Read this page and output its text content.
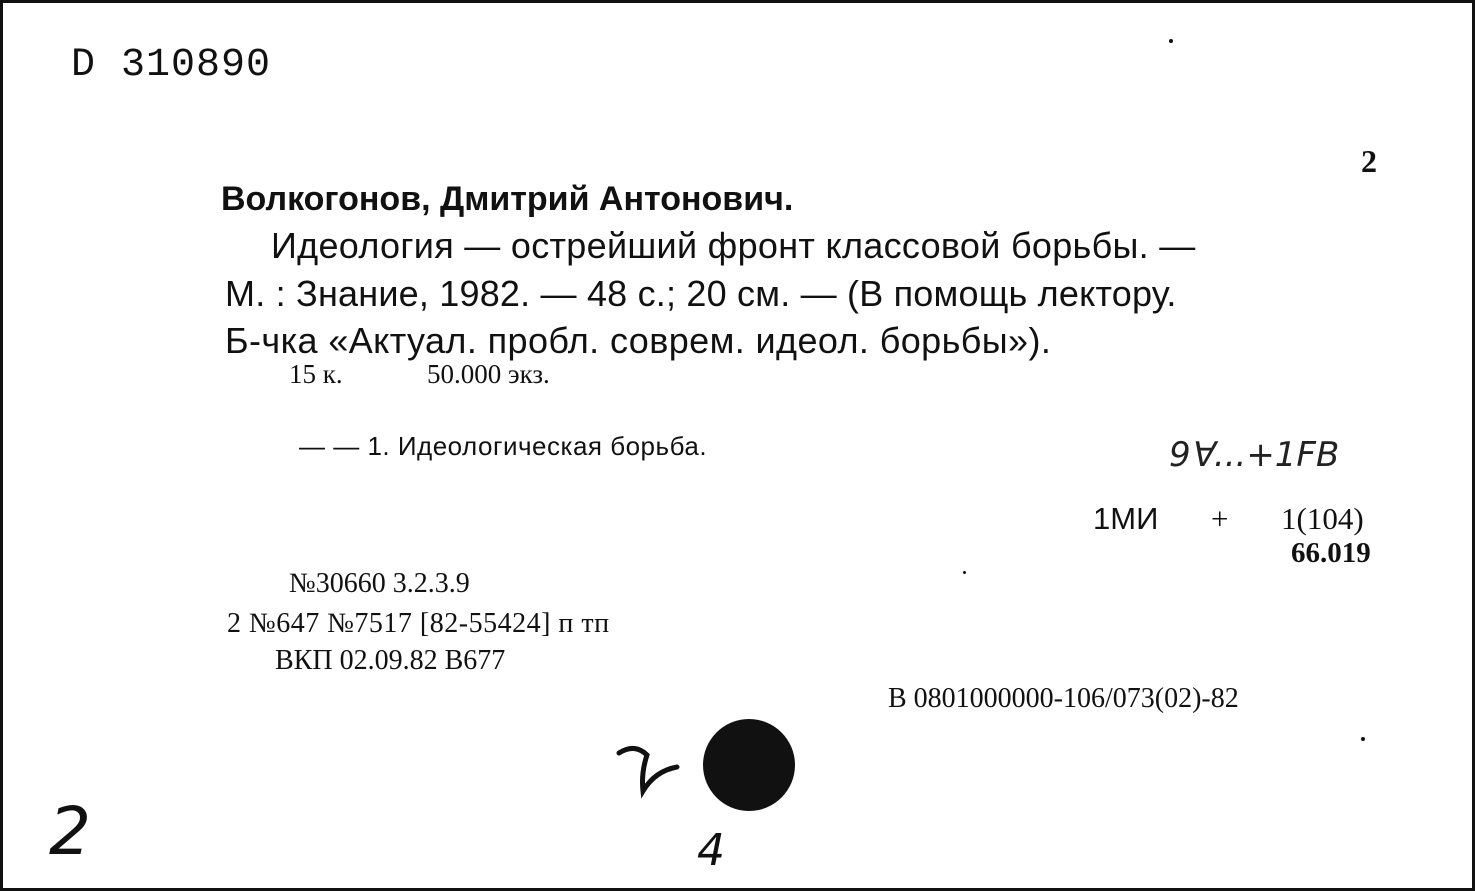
D 310890
2
Волкогонов, Дмитрий Антонович.
Идеология — острейший фронт классовой борьбы. —
М. : Знание, 1982. — 48 с.; 20 см. — (В помощь лектору.
Б-чка «Актуал. пробл. соврем. идеол. борьбы»).
15 к.	50.000 экз.
— — 1. Идеологическая борьба.	9Ɐ...+1FB
1МИ + 1(104)
66.019
№30660 3.2.3.9
2 №647 №7517 [82-55424] п тп
ВКП 02.09.82 В677
В 0801000000-106/073(02)-82
4
2
